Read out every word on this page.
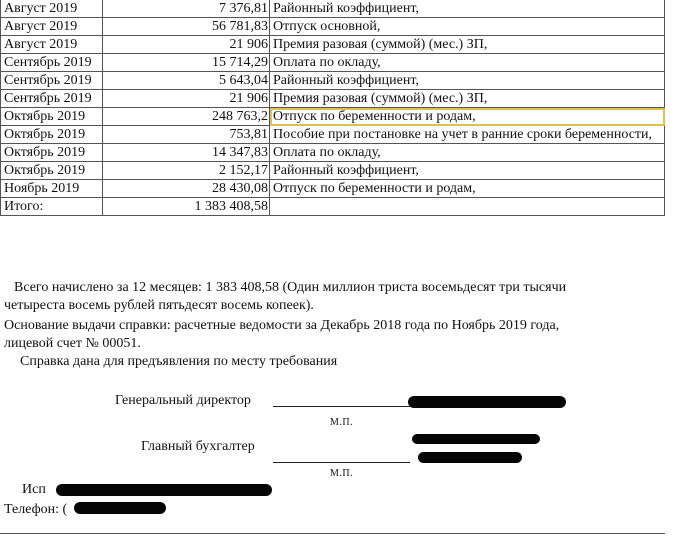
Август 2019	7 376,81	Районный коэффициент,
Август 2019	56 781,83	Отпуск основной,
Август 2019	21 906	Премия разовая (суммой) (мес.) ЗП,
Сентябрь 2019	15 714,29	Оплата по окладу,
Сентябрь 2019	5 643,04	Районный коэффициент,
Сентябрь 2019	21 906	Премия разовая (суммой) (мес.) ЗП,
Октябрь 2019	248 763,2	Отпуск по беременности и родам,
Октябрь 2019	753,81	Пособие при постановке на учет в ранние сроки беременности,
Октябрь 2019	14 347,83	Оплата по окладу,
Октябрь 2019	2 152,17	Районный коэффициент,
Ноябрь 2019	28 430,08	Отпуск по беременности и родам,
Итого:	1 383 408,58	
Всего начислено за 12 месяцев: 1 383 408,58 (Один миллион триста восемьдесят три тысячи
четыреста восемь рублей пятьдесят восемь копеек).
Основание выдачи справки: расчетные ведомости за Декабрь 2018 года по Ноябрь 2019 года,
лицевой счет № 00051.
Справка дана для предъявления по месту требования
Генеральный директор
М.П.
Главный бухгалтер
М.П.
Исп
Телефон: (
